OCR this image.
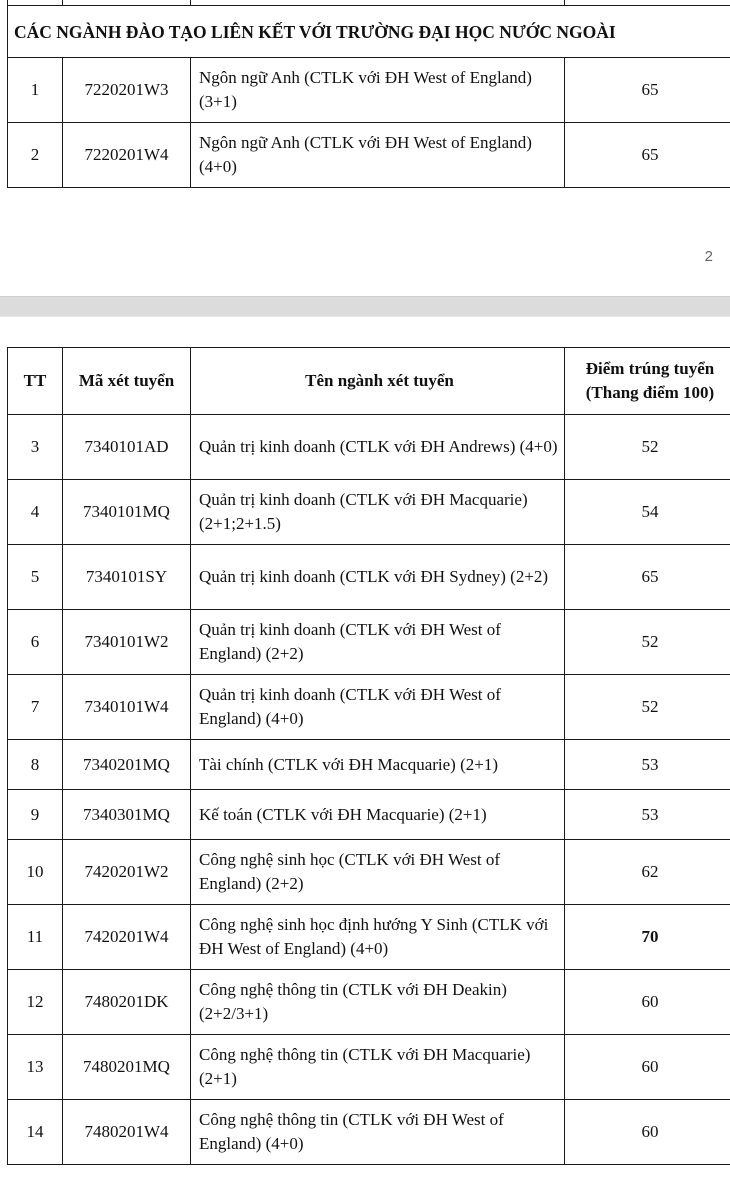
CÁC NGÀNH ĐÀO TẠO LIÊN KẾT VỚI TRƯỜNG ĐẠI HỌC NƯỚC NGOÀI			
1	7220201W3	Ngôn ngữ Anh (CTLK với ĐH West of England) (3+1)	65
2	7220201W4	Ngôn ngữ Anh (CTLK với ĐH West of England) (4+0)	65
2
TT	Mã xét tuyển	Tên ngành xét tuyển	Điểm trúng tuyển (Thang điểm 100)
3	7340101AD	Quản trị kinh doanh (CTLK với ĐH Andrews) (4+0)	52
4	7340101MQ	Quản trị kinh doanh (CTLK với ĐH Macquarie) (2+1;2+1.5)	54
5	7340101SY	Quản trị kinh doanh (CTLK với ĐH Sydney) (2+2)	65
6	7340101W2	Quản trị kinh doanh (CTLK với ĐH West of England) (2+2)	52
7	7340101W4	Quản trị kinh doanh (CTLK với ĐH West of England) (4+0)	52
8	7340201MQ	Tài chính (CTLK với ĐH Macquarie) (2+1)	53
9	7340301MQ	Kế toán (CTLK với ĐH Macquarie) (2+1)	53
10	7420201W2	Công nghệ sinh học (CTLK với ĐH West of England) (2+2)	62
11	7420201W4	Công nghệ sinh học định hướng Y Sinh (CTLK với ĐH West of England) (4+0)	70
12	7480201DK	Công nghệ thông tin (CTLK với ĐH Deakin) (2+2/3+1)	60
13	7480201MQ	Công nghệ thông tin (CTLK với ĐH Macquarie) (2+1)	60
14	7480201W4	Công nghệ thông tin (CTLK với ĐH West of England) (4+0)	60
